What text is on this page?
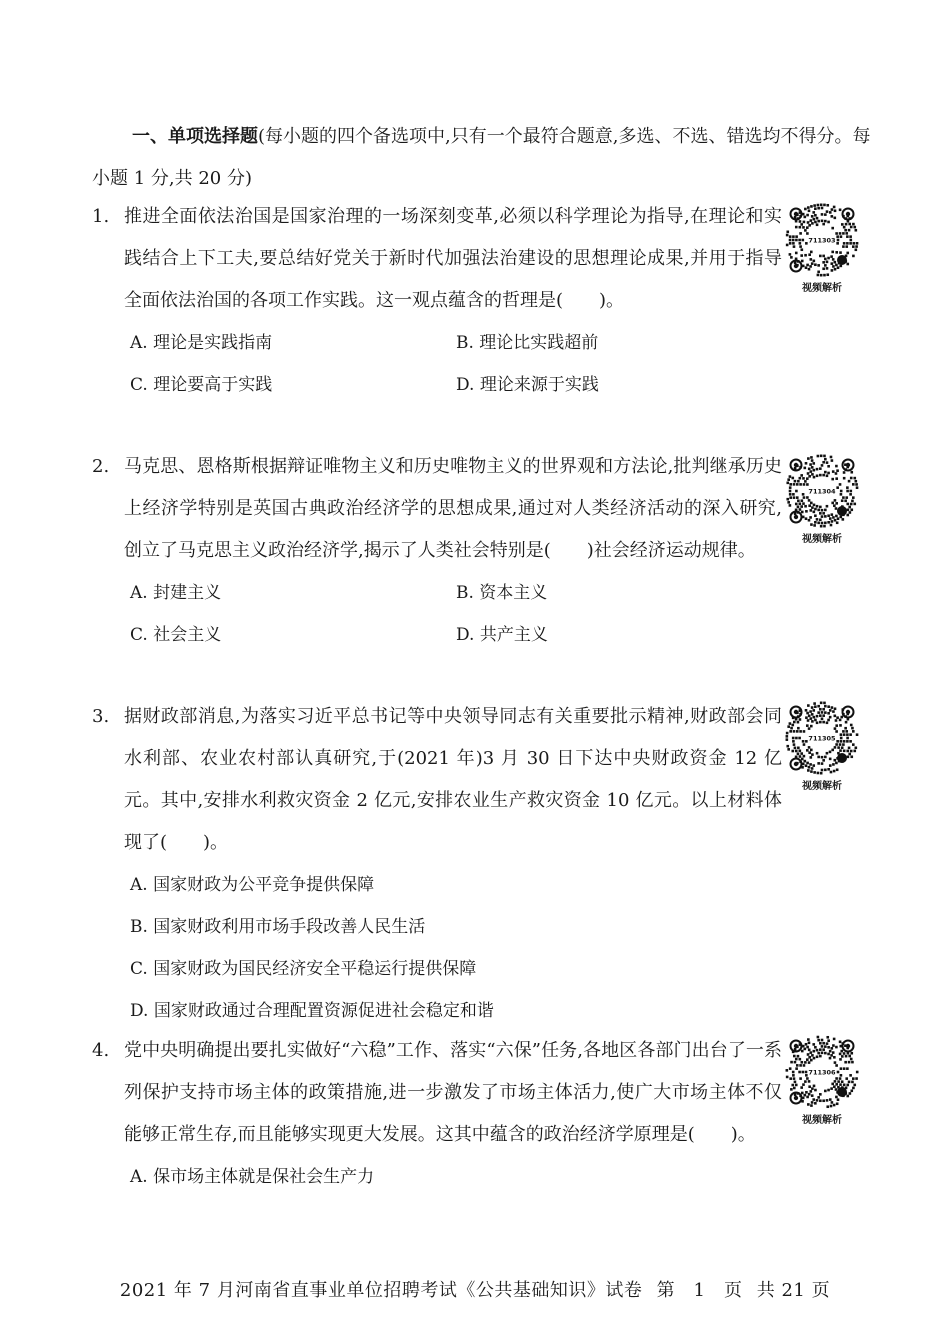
一、单项选择题(每小题的四个备选项中,只有一个最符合题意,多选、不选、错选均不得分。每小题 1 分,共 20 分)
1. 推进全面依法治国是国家治理的一场深刻变革,必须以科学理论为指导,在理论和实践结合上下工夫,要总结好党关于新时代加强法治建设的思想理论成果,并用于指导全面依法治国的各项工作实践。这一观点蕴含的哲理是(　　)。
A. 理论是实践指南	B. 理论比实践超前
C. 理论要高于实践	D. 理论来源于实践
711303
视频解析
2. 马克思、恩格斯根据辩证唯物主义和历史唯物主义的世界观和方法论,批判继承历史上经济学特别是英国古典政治经济学的思想成果,通过对人类经济活动的深入研究,创立了马克思主义政治经济学,揭示了人类社会特别是(　　)社会经济运动规律。
A. 封建主义	B. 资本主义
C. 社会主义	D. 共产主义
711304
视频解析
3. 据财政部消息,为落实习近平总书记等中央领导同志有关重要批示精神,财政部会同水利部、农业农村部认真研究,于(2021 年)3 月 30 日下达中央财政资金 12 亿元。其中,安排水利救灾资金 2 亿元,安排农业生产救灾资金 10 亿元。以上材料体现了(　　)。
A. 国家财政为公平竞争提供保障
B. 国家财政利用市场手段改善人民生活
C. 国家财政为国民经济安全平稳运行提供保障
D. 国家财政通过合理配置资源促进社会稳定和谐
711305
视频解析
4. 党中央明确提出要扎实做好“六稳”工作、落实“六保”任务,各地区各部门出台了一系列保护支持市场主体的政策措施,进一步激发了市场主体活力,使广大市场主体不仅能够正常生存,而且能够实现更大发展。这其中蕴含的政治经济学原理是(　　)。
A. 保市场主体就是保社会生产力
711306
视频解析
2021 年 7 月河南省直事业单位招聘考试《公共基础知识》试卷 第　1　页 共 21 页
